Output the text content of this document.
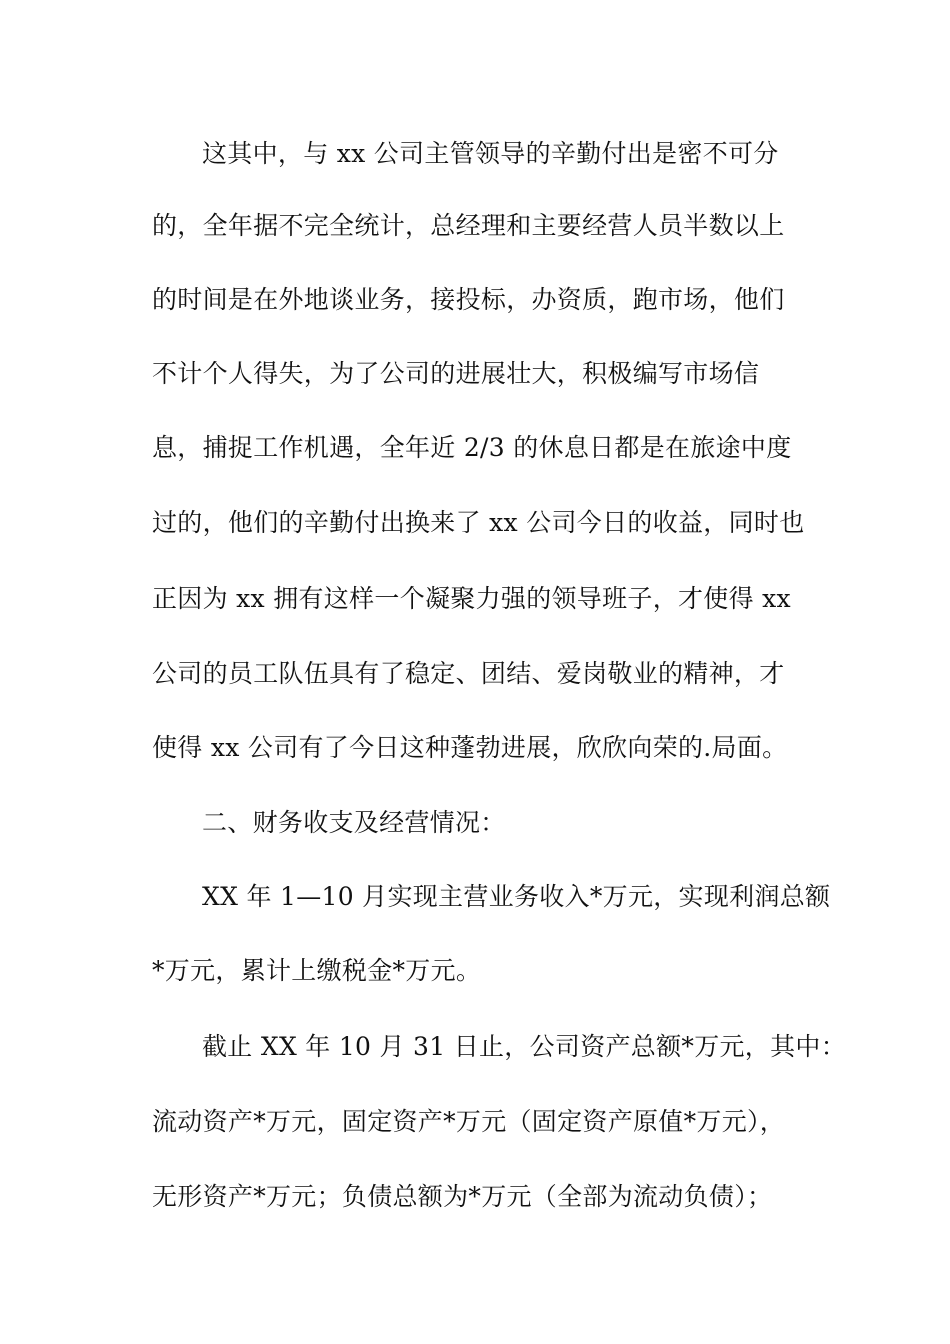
这其中，与 xx 公司主管领导的辛勤付出是密不可分
的，全年据不完全统计，总经理和主要经营人员半数以上
的时间是在外地谈业务，接投标，办资质，跑市场，他们
不计个人得失，为了公司的进展壮大，积极编写市场信
息，捕捉工作机遇，全年近 2/3 的休息日都是在旅途中度
过的，他们的辛勤付出换来了 xx 公司今日的收益，同时也
正因为 xx 拥有这样一个凝聚力强的领导班子，才使得 xx
公司的员工队伍具有了稳定、团结、爱岗敬业的精神，才
使得 xx 公司有了今日这种蓬勃进展，欣欣向荣的.局面。
二、财务收支及经营情况：
XX 年 1—10 月实现主营业务收入*万元，实现利润总额
*万元，累计上缴税金*万元。
截止 XX 年 10 月 31 日止，公司资产总额*万元，其中：
流动资产*万元，固定资产*万元（固定资产原值*万元），
无形资产*万元；负债总额为*万元（全部为流动负债）；
